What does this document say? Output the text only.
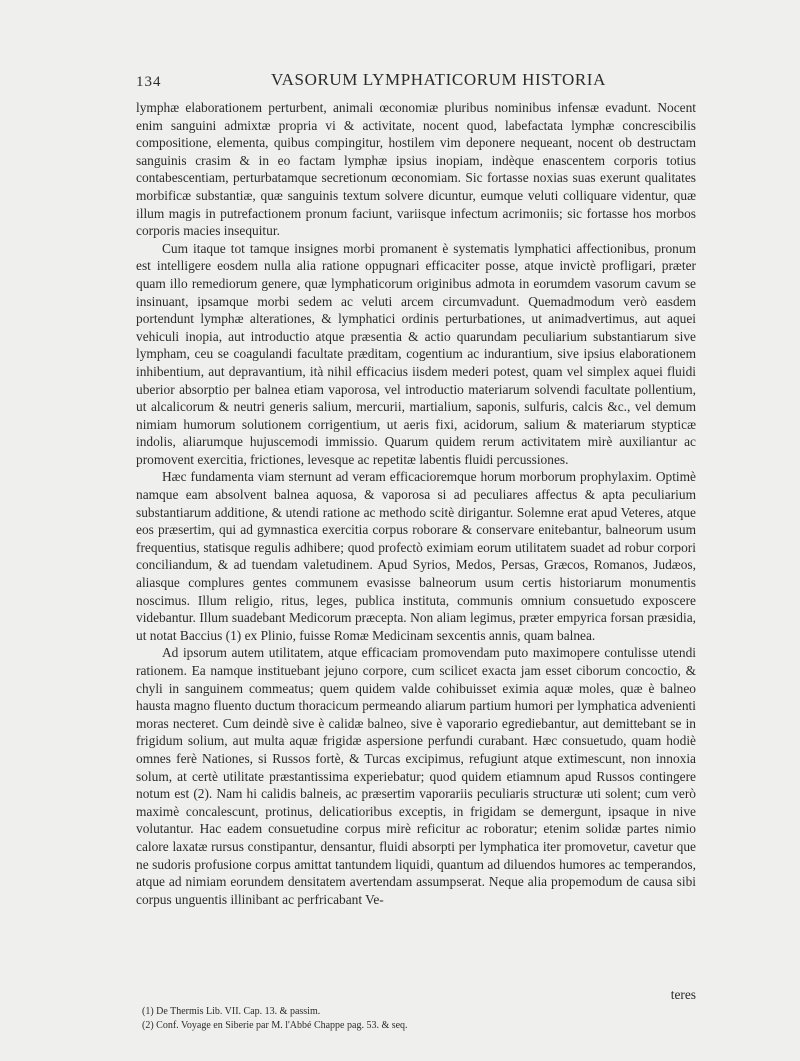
134	VASORUM LYMPHATICORUM HISTORIA

lymphæ elaborationem perturbent, animali œconomiæ pluribus nominibus infensæ evadunt. Nocent enim sanguini admixtæ propria vi & activitate, nocent quod, labefactata lymphæ concrescibilis compositione, elementa, quibus compingitur, hostilem vim deponere nequeant, nocent ob destructam sanguinis crasim & in eo factam lymphæ ipsius inopiam, indèque enascentem corporis totius contabescentiam, perturbatamque secretionum œconomiam. Sic fortasse noxias suas exerunt qualitates morbificæ substantiæ, quæ sanguinis textum solvere dicuntur, eumque veluti colliquare videntur, quæ illum magis in putrefactionem pronum faciunt, variisque infectum acrimoniis; sic fortasse hos morbos corporis macies insequitur.

Cum itaque tot tamque insignes morbi promanent è systematis lymphatici affectionibus, pronum est intelligere eosdem nulla alia ratione oppugnari efficaciter posse, atque invictè profligari, præter quam illo remediorum genere, quæ lymphaticorum originibus admota in eorumdem vasorum cavum se insinuant, ipsamque morbi sedem ac veluti arcem circumvadunt. Quemadmodum verò easdem portendunt lymphæ alterationes, & lymphatici ordinis perturbationes, ut animadvertimus, aut aquei vehiculi inopia, aut introductio atque præsentia & actio quarundam peculiarium substantiarum sive lympham, ceu se coagulandi facultate præditam, cogentium ac indurantium, sive ipsius elaborationem inhibentium, aut depravantium, ità nihil efficacius iisdem mederi potest, quam vel simplex aquei fluidi uberior absorptio per balnea etiam vaporosa, vel introductio materiarum solvendi facultate pollentium, ut alcalicorum & neutri generis salium, mercurii, martialium, saponis, sulfuris, calcis &c., vel demum nimiam humorum solutionem corrigentium, ut aeris fixi, acidorum, salium & materiarum stypticæ indolis, aliarumque hujuscemodi immissio. Quarum quidem rerum activitatem mirè auxiliantur ac promovent exercitia, frictiones, levesque ac repetitæ labentis fluidi percussiones.

Hæc fundamenta viam sternunt ad veram efficacioremque horum morborum prophylaxim. Optimè namque eam absolvent balnea aquosa, & vaporosa si ad peculiares affectus & apta peculiarium substantiarum additione, & utendi ratione ac methodo scitè dirigantur. Solemne erat apud Veteres, atque eos præsertim, qui ad gymnastica exercitia corpus roborare & conservare enitebantur, balneorum usum frequentius, statisque regulis adhibere; quod profectò eximiam eorum utilitatem suadet ad robur corpori conciliandum, & ad tuendam valetudinem. Apud Syrios, Medos, Persas, Græcos, Romanos, Judæos, aliasque complures gentes communem evasisse balneorum usum certis historiarum monumentis noscimus. Illum religio, ritus, leges, publica instituta, communis omnium consuetudo exposcere videbantur. Illum suadebant Medicorum præcepta. Non aliam legimus, præter empyrica forsan præsidia, ut notat Baccius (1) ex Plinio, fuisse Romæ Medicinam sexcentis annis, quam balnea.

Ad ipsorum autem utilitatem, atque efficaciam promovendam puto maximopere contulisse utendi rationem. Ea namque instituebant jejuno corpore, cum scilicet exacta jam esset ciborum concoctio, & chyli in sanguinem commeatus; quem quidem valde cohibuisset eximia aquæ moles, quæ è balneo hausta magno fluento ductum thoracicum permeando aliarum partium humori per lymphatica advenienti moras necteret. Cum deindè sive è calidæ balneo, sive è vaporario egrediebantur, aut demittebant se in frigidum solium, aut multa aquæ frigidæ aspersione perfundi curabant. Hæc consuetudo, quam hodiè omnes ferè Nationes, si Russos fortè, & Turcas excipimus, refugiunt atque extimescunt, non innoxia solum, at certè utilitate præstantissima experiebatur; quod quidem etiamnum apud Russos contingere notum est (2). Nam hi calidis balneis, ac præsertim vaporariis peculiaris structuræ uti solent; cum verò maximè concalescunt, protinus, delicatioribus exceptis, in frigidam se demergunt, ipsaque in nive volutantur. Hac eadem consuetudine corpus mirè reficitur ac roboratur; etenim solidæ partes nimio calore laxatæ rursus constipantur, densantur, fluidi absorpti per lymphatica iter promovetur, cavetur que ne sudoris profusione corpus amittat tantundem liquidi, quantum ad diluendos humores ac temperandos, atque ad nimiam eorundem densitatem avertendam assumpserat. Neque alia propemodum de causa sibi corpus unguentis illinibant ac perfricabant Ve-

teres
(1) De Thermis Lib. VII. Cap. 13. & passim.
(2) Conf. Voyage en Siberie par M. l'Abbé Chappe pag. 53. & seq.
